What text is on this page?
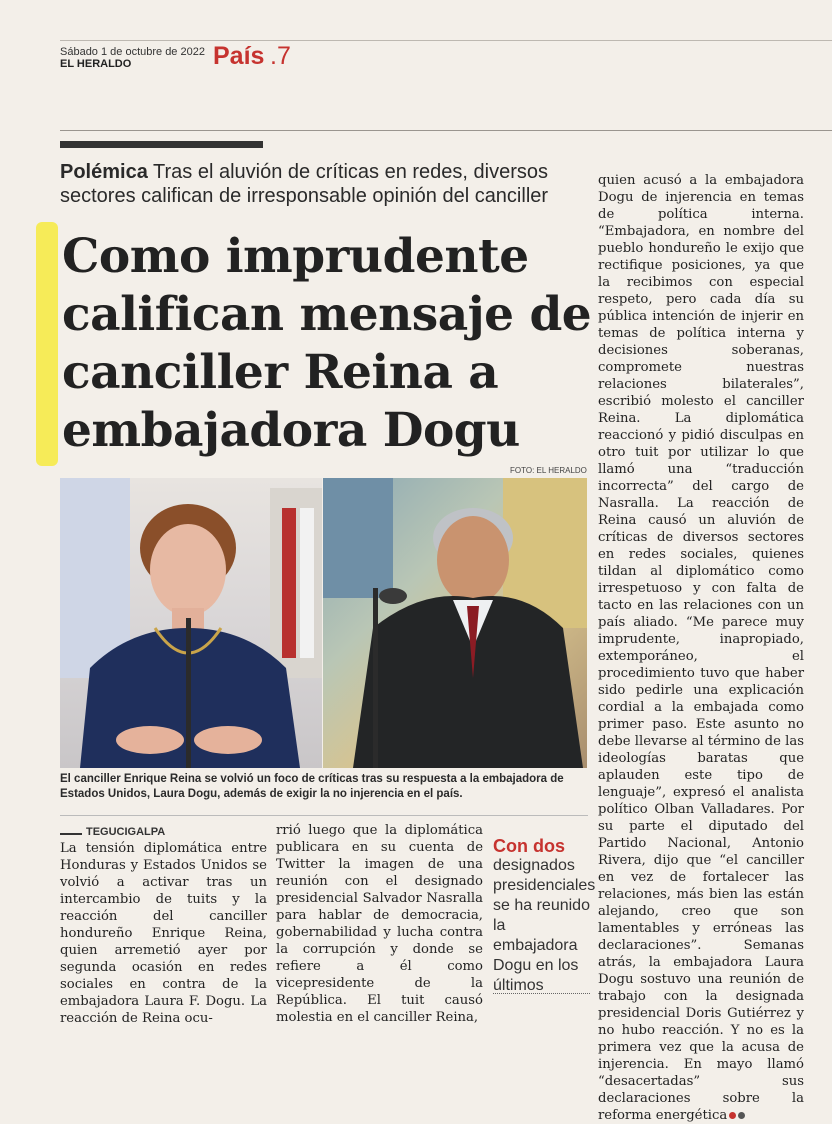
Sábado 1 de octubre de 2022
EL HERALDO	País .7
Polémica Tras el aluvión de críticas en redes, diversos sectores califican de irresponsable opinión del canciller
Como imprudente califican mensaje de canciller Reina a embajadora Dogu
FOTO: EL HERALDO
El canciller Enrique Reina se volvió un foco de críticas tras su respuesta a la embajadora de Estados Unidos, Laura Dogu, además de exigir la no injerencia en el país.
TEGUCIGALPA
La tensión diplomática entre Honduras y Estados Unidos se volvió a activar tras un intercambio de tuits y la reacción del canciller hondureño Enrique Reina, quien arremetió ayer por segunda ocasión en redes sociales en contra de la embajadora Laura F. Dogu. La reacción de Reina ocu-
rrió luego que la diplomática publicara en su cuenta de Twitter la imagen de una reunión con el designado presidencial Salvador Nasralla para hablar de democracia, gobernabilidad y lucha contra la corrupción y donde se refiere a él como vicepresidente de la República. El tuit causó molestia en el canciller Reina,
Con dos
designados presidenciales se ha reunido la embajadora Dogu en los últimos
quien acusó a la embajadora Dogu de injerencia en temas de política interna. “Embajadora, en nombre del pueblo hondureño le exijo que rectifique posiciones, ya que la recibimos con especial respeto, pero cada día su pública intención de injerir en temas de política interna y decisiones soberanas, compromete nuestras relaciones bilaterales”, escribió molesto el canciller Reina. La diplomática reaccionó y pidió disculpas en otro tuit por utilizar lo que llamó una “traducción incorrecta” del cargo de Nasralla. La reacción de Reina causó un aluvión de críticas de diversos sectores en redes sociales, quienes tildan al diplomático como irrespetuoso y con falta de tacto en las relaciones con un país aliado. “Me parece muy imprudente, inapropiado, extemporáneo, el procedimiento tuvo que haber sido pedirle una explicación cordial a la embajada como primer paso. Este asunto no debe llevarse al término de las ideologías baratas que aplauden este tipo de lenguaje”, expresó el analista político Olban Valladares. Por su parte el diputado del Partido Nacional, Antonio Rivera, dijo que “el canciller en vez de fortalecer las relaciones, más bien las están alejando, creo que son lamentables y erróneas las declaraciones”. Semanas atrás, la embajadora Laura Dogu sostuvo una reunión de trabajo con la designada presidencial Doris Gutiérrez y no hubo reacción. Y no es la primera vez que la acusa de injerencia. En mayo llamó “desacertadas” sus declaraciones sobre la reforma energética
